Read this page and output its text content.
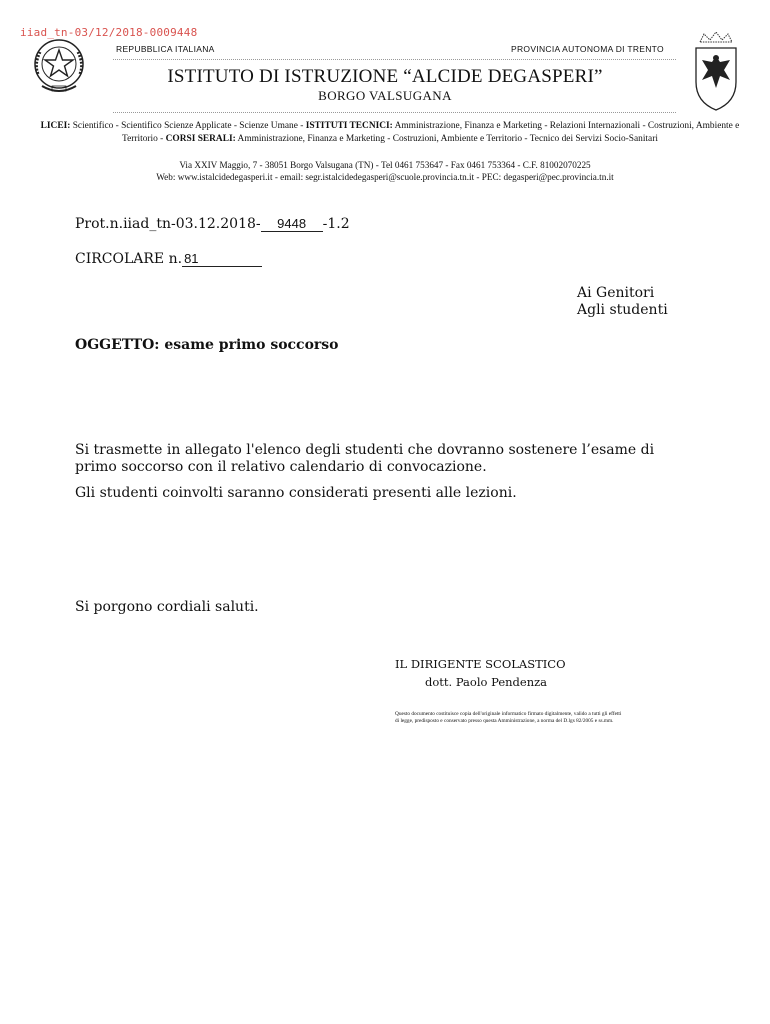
iiad_tn-03/12/2018-0009448
REPUBBLICA ITALIANA	PROVINCIA AUTONOMA DI TRENTO
ISTITUTO DI ISTRUZIONE “ALCIDE DEGASPERI”
BORGO VALSUGANA
LICEI: Scientifico - Scientifico Scienze Applicate - Scienze Umane - ISTITUTI TECNICI: Amministrazione, Finanza e Marketing - Relazioni Internazionali - Costruzioni, Ambiente e Territorio - CORSI SERALI: Amministrazione, Finanza e Marketing - Costruzioni, Ambiente e Territorio - Tecnico dei Servizi Socio-Sanitari
Via XXIV Maggio, 7 - 38051 Borgo Valsugana (TN) - Tel 0461 753647 - Fax 0461 753364 - C.F. 81002070225
Web: www.istalcidedegasperi.it - email: segr.istalcidedegasperi@scuole.provincia.tn.it - PEC: degasperi@pec.provincia.tn.it
Prot.n.iiad_tn-03.12.2018- 9448 -1.2
CIRCOLARE n. 81
Ai Genitori
Agli studenti
OGGETTO: esame primo soccorso
Si trasmette in allegato l'elenco degli studenti che dovranno sostenere l’esame di
primo soccorso con il relativo calendario di convocazione.
Gli studenti coinvolti saranno considerati presenti alle lezioni.
Si porgono cordiali saluti.
IL DIRIGENTE SCOLASTICO
dott. Paolo Pendenza
Questo documento costituisce copia dell'originale informatico firmato digitalmente, valido a tutti gli effetti di legge, predisposto e conservato presso questa Amministrazione, a norma del D.lgs 82/2005 e ss.mm.
